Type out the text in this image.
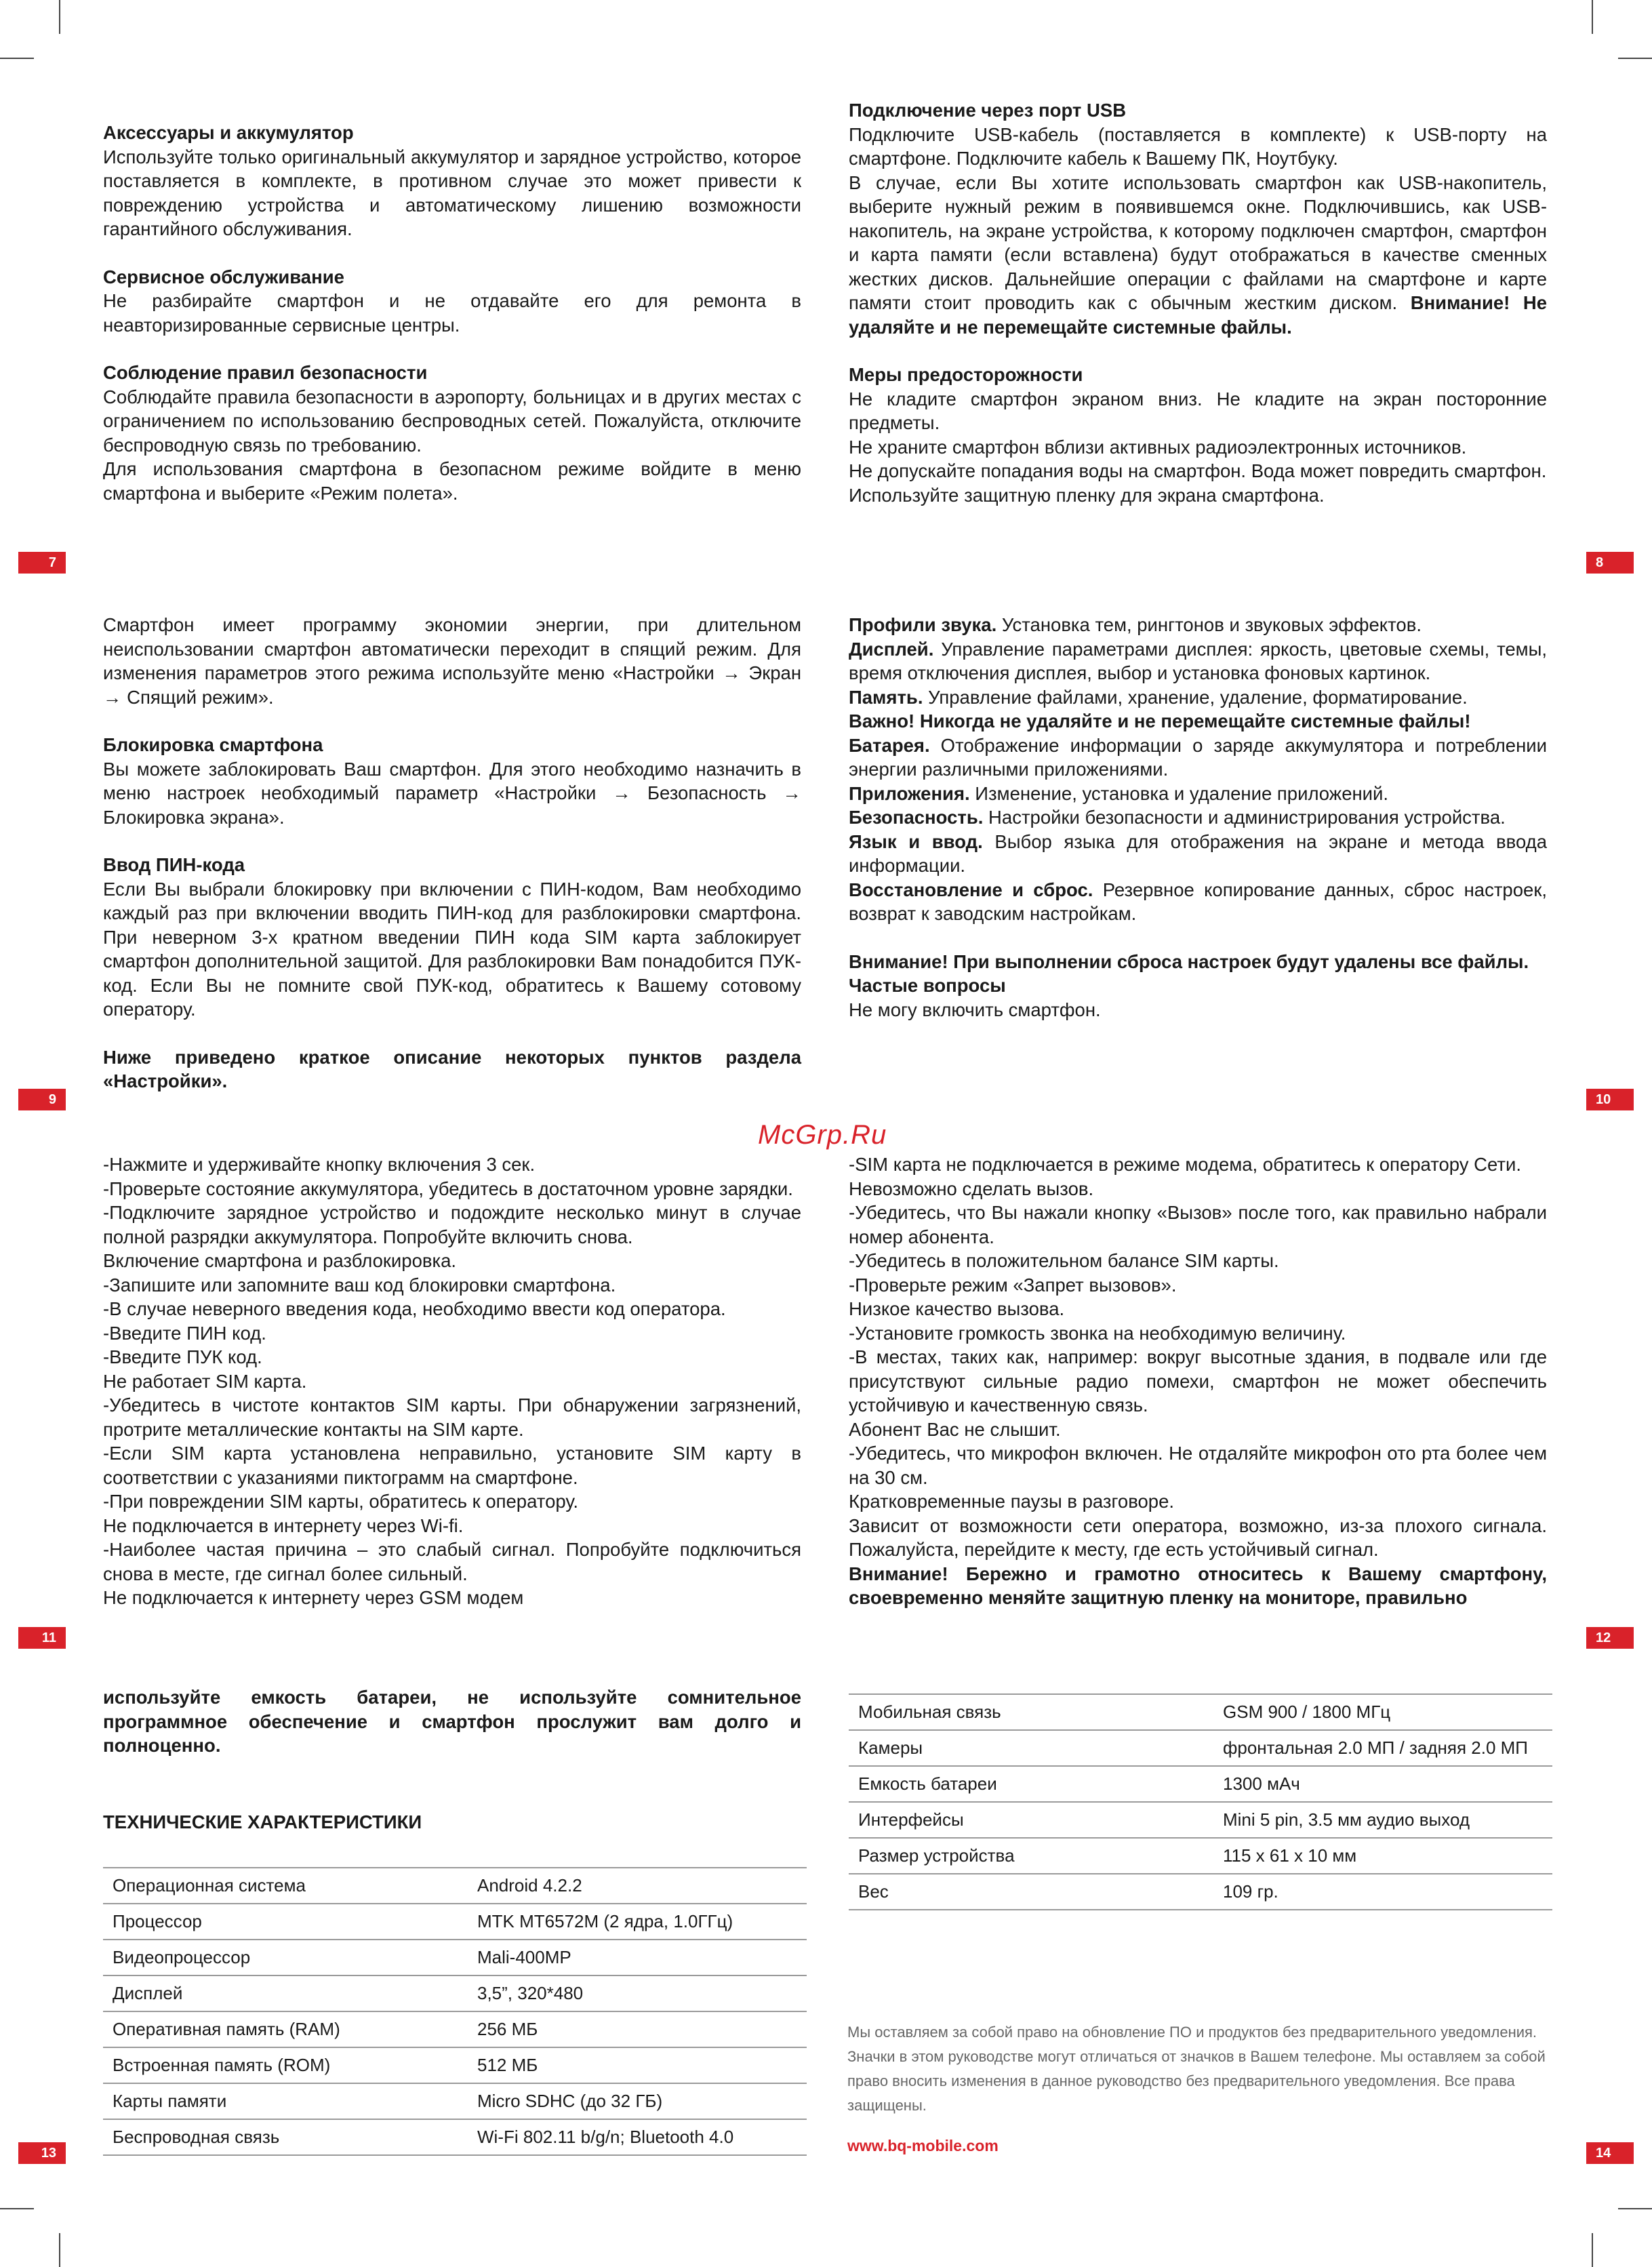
Аксессуары и аккумулятор

Используйте только оригинальный аккумулятор и зарядное устройство, которое поставляется в комплекте, в противном случае это может привести к повреждению устройства и автоматическому лишению возможности гарантийного обслуживания.

Сервисное обслуживание

Не разбирайте смартфон и не отдавайте его для ремонта в неавторизированные сервисные центры.

Соблюдение правил безопасности

Соблюдайте правила безопасности в аэропорту, больницах и в других местах с ограничением по использованию беспроводных сетей. Пожалуйста, отключите беспроводную связь по требованию.

Для использования смартфона в безопасном режиме войдите в меню смартфона и выберите «Режим полета».

Подключение через порт USB

Подключите USB-кабель (поставляется в комплекте) к USB-порту на смартфоне. Подключите кабель к Вашему ПК, Ноутбуку.

В случае, если Вы хотите использовать смартфон как USB-накопитель, выберите нужный режим в появившемся окне. Подключившись, как USB-накопитель, на экране устройства, к которому подключен смартфон, смартфон и карта памяти (если вставлена) будут отображаться в качестве сменных жестких дисков. Дальнейшие операции с файлами на смартфоне и карте памяти стоит проводить как с обычным жестким диском. Внимание! Не удаляйте и не перемещайте системные файлы.

Меры предосторожности

Не кладите смартфон экраном вниз. Не кладите на экран посторонние предметы.

Не храните смартфон вблизи активных радиоэлектронных источников.

Не допускайте попадания воды на смартфон. Вода может повредить смартфон.

Используйте защитную пленку для экрана смартфона.

Смартфон имеет программу экономии энергии, при длительном неиспользовании смартфон автоматически переходит в спящий режим. Для изменения параметров этого режима используйте меню «Настройки → Экран → Спящий режим».

Блокировка смартфона

Вы можете заблокировать Ваш смартфон. Для этого необходимо назначить в меню настроек необходимый параметр «Настройки → Безопасность → Блокировка экрана».

Ввод ПИН-кода

Если Вы выбрали блокировку при включении с ПИН-кодом, Вам необходимо каждый раз при включении вводить ПИН-код для разблокировки смартфона. При неверном 3-х кратном введении ПИН кода SIM карта заблокирует смартфон дополнительной защитой. Для разблокировки Вам понадобится ПУК-код. Если Вы не помните свой ПУК-код, обратитесь к Вашему сотовому оператору.

Ниже приведено краткое описание некоторых пунктов раздела «Настройки».

Профили звука. Установка тем, рингтонов и звуковых эффектов.

Дисплей. Управление параметрами дисплея: яркость, цветовые схемы, темы, время отключения дисплея, выбор и установка фоновых картинок.

Память. Управление файлами, хранение, удаление, форматирование.

Важно! Никогда не удаляйте и не перемещайте системные файлы!

Батарея. Отображение информации о заряде аккумулятора и потреблении энергии различными приложениями.

Приложения. Изменение, установка и удаление приложений.

Безопасность. Настройки безопасности и администрирования устройства.

Язык и ввод. Выбор языка для отображения на экране и метода ввода информации.

Восстановление и сброс. Резервное копирование данных, сброс настроек, возврат к заводским настройкам.

Внимание! При выполнении сброса настроек будут удалены все файлы.

Частые вопросы

Не могу включить смартфон.

McGrp.Ru

-Нажмите и удерживайте кнопку включения 3 сек.

-Проверьте состояние аккумулятора, убедитесь в достаточном уровне зарядки.

-Подключите зарядное устройство и подождите несколько минут в случае полной разрядки аккумулятора. Попробуйте включить снова.

Включение смартфона и разблокировка.

-Запишите или запомните ваш код блокировки смартфона.

-В случае неверного введения кода, необходимо ввести код оператора.

-Введите ПИН код.

-Введите ПУК код.

Не работает SIM карта.

-Убедитесь в чистоте контактов SIM карты. При обнаружении загрязнений, протрите металлические контакты на SIM карте.

-Если SIM карта установлена неправильно, установите SIM карту в соответствии с указаниями пиктограмм на смартфоне.

-При повреждении SIM карты, обратитесь к оператору.

Не подключается в интернету через Wi-fi.

-Наиболее частая причина – это слабый сигнал. Попробуйте подключиться снова в месте, где сигнал более сильный.

Не подключается к интернету через GSM модем

-SIM карта не подключается в режиме модема, обратитесь к оператору Сети.

Невозможно сделать вызов.

-Убедитесь, что Вы нажали кнопку «Вызов» после того, как правильно набрали номер абонента.

-Убедитесь в положительном балансе SIM карты.

-Проверьте режим «Запрет вызовов».

Низкое качество вызова.

-Установите громкость звонка на необходимую величину.

-В местах, таких как, например: вокруг высотные здания, в подвале или где присутствуют сильные радио помехи, смартфон не может обеспечить устойчивую и качественную связь.

Абонент Вас не слышит.

-Убедитесь, что микрофон включен. Не отдаляйте микрофон ото рта более чем на 30 см.

Кратковременные паузы в разговоре.

Зависит от возможности сети оператора, возможно, из-за плохого сигнала. Пожалуйста, перейдите к месту, где есть устойчивый сигнал.

Внимание! Бережно и грамотно относитесь к Вашему смартфону, своевременно меняйте защитную пленку на мониторе, правильно

используйте емкость батареи, не используйте сомнительное программное обеспечение и смартфон прослужит вам долго и полноценно.

ТЕХНИЧЕСКИЕ ХАРАКТЕРИСТИКИ
Операционная система	Android 4.2.2
Процессор	MTK MT6572M (2 ядра, 1.0ГГц)
Видеопроцессор	Mali-400MP
Дисплей	3,5”, 320*480
Оперативная память (RAM)	256 МБ
Встроенная память (ROM)	512 МБ
Карты памяти	Micro SDHC (до 32 ГБ)
Беспроводная связь	Wi-Fi 802.11 b/g/n; Bluetooth 4.0
Мобильная связь	GSM 900 / 1800 МГц
Камеры	фронтальная 2.0 МП / задняя 2.0 МП
Емкость батареи	1300 мАч
Интерфейсы	Mini 5 pin, 3.5 мм аудио выход
Размер устройства	115 x 61 x 10 мм
Вес	109 гр.
Мы оставляем за собой право на обновление ПО и продуктов без предварительного уведомления. Значки в этом руководстве могут отличаться от значков в Вашем телефоне. Мы оставляем за собой право вносить изменения в данное руководство без предварительного уведомления. Все права защищены.
www.bq-mobile.com
7	8
9	10
11	12
13	14
